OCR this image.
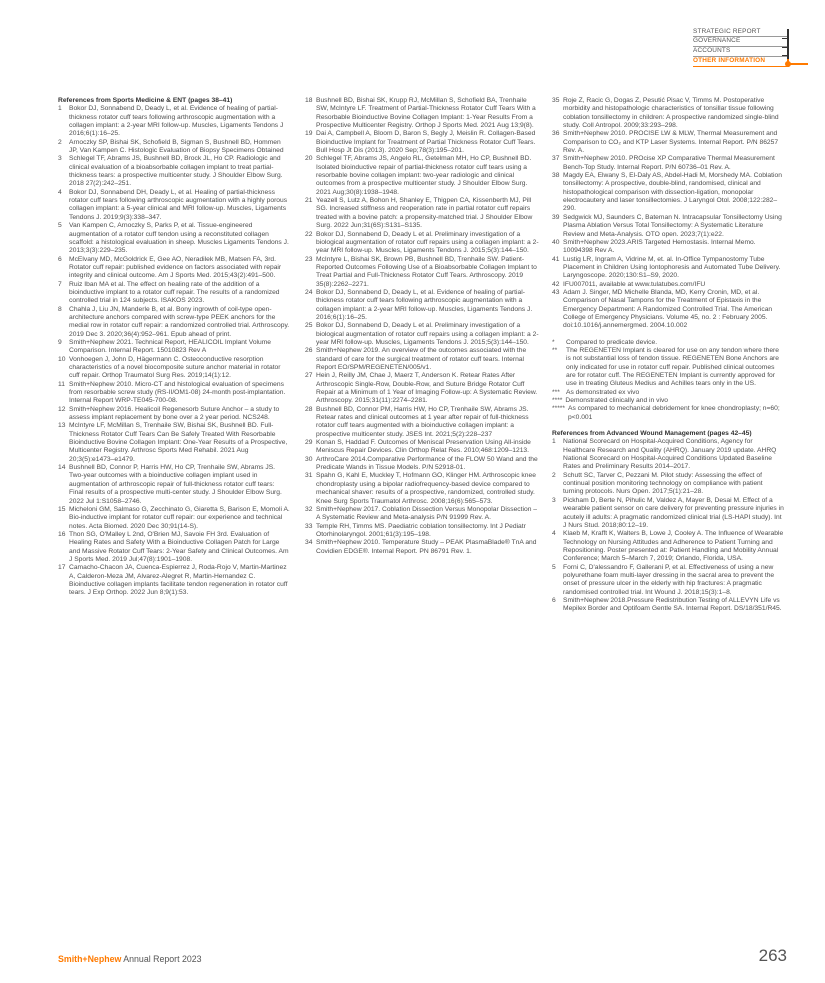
STRATEGIC REPORT
GOVERNANCE
ACCOUNTS
OTHER INFORMATION

References from Sports Medicine & ENT (pages 38–41)

1	Bokor DJ, Sonnabend D, Deady L, et al. Evidence of healing of partial-thickness rotator cuff tears following arthroscopic augmentation with a collagen implant: a 2-year MRI follow-up. Muscles, Ligaments Tendons J 2016;6(1):16–25.
2	Arnoczky SP, Bishai SK, Schofield B, Sigman S, Bushnell BD, Hommen JP, Van Kampen C. Histologic Evaluation of Biopsy Specimens Obtained
3	Schlegel TF, Abrams JS, Bushnell BD, Brock JL, Ho CP. Radiologic and clinical evaluation of a bioabsorbable collagen implant to treat partial-thickness tears: a prospective multicenter study. J Shoulder Elbow Surg. 2018 27(2):242–251.
4	Bokor DJ, Sonnabend DH, Deady L, et al. Healing of partial-thickness rotator cuff tears following arthroscopic augmentation with a highly porous collagen implant: a 5-year clinical and MRI follow-up. Muscles, Ligaments Tendons J. 2019;9(3):338–347.
5	Van Kampen C, Arnoczky S, Parks P, et al. Tissue-engineered augmentation of a rotator cuff tendon using a reconstituted collagen scaffold: a histological evaluation in sheep. Muscles Ligaments Tendons J. 2013;3(3):229–235.
6	McElvany MD, McGoldrick E, Gee AO, Neradilek MB, Matsen FA, 3rd. Rotator cuff repair: published evidence on factors associated with repair integrity and clinical outcome. Am J Sports Med. 2015;43(2):491–500.
7	Ruiz Iban MA et al. The effect on healing rate of the addition of a bioinductive implant to a rotator cuff repair. The results of a randomized controlled trial in 124 subjects. ISAKOS 2023.
8	Chahla J, Liu JN, Manderle B, et al. Bony ingrowth of coil-type open-architecture anchors compared with screw-type PEEK anchors for the medial row in rotator cuff repair: a randomized controlled trial. Arthroscopy. 2019 Dec 3. 2020;36(4):952–961. Epub ahead of print.
9	Smith+Nephew 2021. Technical Report, HEALICOIL Implant Volume Comparison. Internal Report. 15010823 Rev A
10 Vonhoegen J, John D, Hägermann C. Osteoconductive resorption characteristics of a novel biocomposite suture anchor material in rotator cuff repair. Orthop Traumatol Surg Res. 2019;14(1):12.
11 Smith+Nephew 2010. Micro-CT and histological evaluation of specimens from resorbable screw study (RS-II/OM1-08) 24-month post-implantation. Internal Report WRP-TE045-700-08.
12 Smith+Nephew 2016. Healicoil Regenesorb Suture Anchor – a study to assess implant replacement by bone over a 2 year period. NCS248.
13 McIntyre LF, McMillan S, Trenhaile SW, Bishai SK, Bushnell BD. Full-Thickness Rotator Cuff Tears Can Be Safely Treated With Resorbable Bioinductive Bovine Collagen Implant: One-Year Results of a Prospective, Multicenter Registry. Arthrosc Sports Med Rehabil. 2021 Aug 20;3(5):e1473–e1479.
14 Bushnell BD, Connor P, Harris HW, Ho CP, Trenhaile SW, Abrams JS. Two-year outcomes with a bioinductive collagen implant used in augmentation of arthroscopic repair of full-thickness rotator cuff tears: Final results of a prospective multi-center study. J Shoulder Elbow Surg. 2022 Jul 1:S1058–2746.
15 Micheloni GM, Salmaso G, Zecchinato G, Giaretta S, Barison E, Momoli A. Bio-inductive implant for rotator cuff repair: our experience and technical notes. Acta Biomed. 2020 Dec 30;91(14-S).
16 Thon SG, O'Malley L 2nd, O'Brien MJ, Savoie FH 3rd. Evaluation of Healing Rates and Safety With a Bioinductive Collagen Patch for Large and Massive Rotator Cuff Tears: 2-Year Safety and Clinical Outcomes. Am J Sports Med. 2019 Jul;47(8):1901–1908.
17 Camacho-Chacon JA, Cuenca-Espierrez J, Roda-Rojo V, Martin-Martinez A, Calderon-Meza JM, Alvarez-Alegret R, Martin-Hernandez C. Bioinductive collagen implants facilitate tendon regeneration in rotator cuff tears. J Exp Orthop. 2022 Jun 8;9(1):53.
18 Bushnell BD, Bishai SK, Krupp RJ, McMillan S, Schofield BA, Trenhaile SW, McIntyre LF. Treatment of Partial-Thickness Rotator Cuff Tears With a Resorbable Bioinductive Bovine Collagen Implant: 1-Year Results From a Prospective Multicenter Registry. Orthop J Sports Med. 2021 Aug 13;9(8).
19 Dai A, Campbell A, Bloom D, Baron S, Begly J, Meislin R. Collagen-Based Bioinductive Implant for Treatment of Partial Thickness Rotator Cuff Tears. Bull Hosp Jt Dis (2013). 2020 Sep;78(3):195–201.
20 Schlegel TF, Abrams JS, Angelo RL, Getelman MH, Ho CP, Bushnell BD. Isolated bioinductive repair of partial-thickness rotator cuff tears using a resorbable bovine collagen implant: two-year radiologic and clinical outcomes from a prospective multicenter study. J Shoulder Elbow Surg. 2021 Aug;30(8):1938–1948.
21 Yeazell S, Lutz A, Bohon H, Shanley E, Thigpen CA, Kissenberth MJ, Pill SG. Increased stiffness and reoperation rate in partial rotator cuff repairs treated with a bovine patch: a propensity-matched trial. J Shoulder Elbow Surg. 2022 Jun;31(6S):S131–S135.
22 Bokor DJ, Sonnabend D, Deady L et al. Preliminary investigation of a biological augmentation of rotator cuff repairs using a collagen implant: a 2-year MRI follow-up. Muscles, Ligaments Tendons J. 2015;5(3):144–150.
23 McIntyre L, Bishai SK, Brown PB, Bushnell BD, Trenhaile SW. Patient-Reported Outcomes Following Use of a Bioabsorbable Collagen Implant to Treat Partial and Full-Thickness Rotator Cuff Tears. Arthroscopy. 2019 35(8):2262–2271.
24 Bokor DJ, Sonnabend D, Deady L, et al. Evidence of healing of partial-thickness rotator cuff tears following arthroscopic augmentation with a collagen implant: a 2-year MRI follow-up. Muscles, Ligaments Tendons J. 2016;6(1):16–25.
25 Bokor DJ, Sonnabend D, Deady L et al. Preliminary investigation of a biological augmentation of rotator cuff repairs using a collagen implant: a 2-year MRI follow-up. Muscles, Ligaments Tendons J. 2015;5(3):144–150.
26 Smith+Nephew 2019. An overview of the outcomes associated with the standard of care for the surgical treatment of rotator cuff tears. Internal Report EO/SPM/REGENETEN/005/v1.
27 Hein J, Reilly JM, Chae J, Maerz T, Anderson K. Retear Rates After Arthroscopic Single-Row, Double-Row, and Suture Bridge Rotator Cuff Repair at a Minimum of 1 Year of Imaging Follow-up: A Systematic Review. Arthroscopy. 2015;31(11):2274–2281.
28 Bushnell BD, Connor PM, Harris HW, Ho CP, Trenhaile SW, Abrams JS. Retear rates and clinical outcomes at 1 year after repair of full-thickness rotator cuff tears augmented with a bioinductive collagen implant: a prospective multicenter study. JSES Int. 2021;5(2):228–237
29 Konan S, Haddad F. Outcomes of Meniscal Preservation Using All-inside Meniscus Repair Devices. Clin Orthop Relat Res. 2010;468:1209–1213.
30 ArthroCare 2014.Comparative Performance of the FLOW 50 Wand and the Predicate Wands in Tissue Models. P/N 52918-01.
31 Spahn G, Kahl E, Muckley T, Hofmann GO, Klinger HM. Arthroscopic knee chondroplasty using a bipolar radiofrequency-based device compared to mechanical shaver: results of a prospective, randomized, controlled study. Knee Surg Sports Traumatol Arthrosc. 2008;16(6):565–573.
32 Smith+Nephew 2017. Coblation Dissection Versus Monopolar Dissection – A Systematic Review and Meta-analysis P/N 91999 Rev. A.
33 Temple RH, Timms MS. Paediatric coblation tonsillectomy. Int J Pediatr Otorhinolaryngol. 2001;61(3):195–198.
34 Smith+Nephew 2010. Temperature Study – PEAK PlasmaBlade® TnA and Covidien EDGE®. Internal Report. PN 86791 Rev. 1.
35 Roje Z, Racic G, Dogas Z, Pesutić Pisac V, Timms M. Postoperative morbidity and histopathologic characteristics of tonsillar tissue following coblation tonsillectomy in children: A prospective randomized single-blind study. Coll Antropol. 2009;33:293–298.
36 Smith+Nephew 2010. PROCISE LW & MLW, Thermal Measurement and Comparison to CO₂ and KTP Laser Systems. Internal Report. P/N 86257 Rev. A.
37 Smith+Nephew 2010. PROcise XP Comparative Thermal Measurement Bench-Top Study. Internal Report. P/N 60736–01 Rev. A.
38 Magdy EA, Elwany S, El-Daly AS, Abdel-Hadi M, Morshedy MA. Coblation tonsillectomy: A prospective, double-blind, randomised, clinical and histopathological comparison with dissection-ligation, monopolar electrocautery and laser tonsillectomies. J Laryngol Otol. 2008;122:282–290.
39 Sedgwick MJ, Saunders C, Bateman N. Intracapsular Tonsillectomy Using Plasma Ablation Versus Total Tonsillectomy: A Systematic Literature Review and Meta-Analysis. OTO open. 2023;7(1):e22.
40 Smith+Nephew 2023.ARIS Targeted Hemostasis. Internal Memo. 10094398 Rev A.
41 Lustig LR, Ingram A, Vidrine M, et. al. In-Office Tympanostomy Tube Placement in Children Using Iontophoresis and Automated Tube Delivery. Laryngoscope. 2020;130:S1–S9, 2020.
42 IFU007011, available at www.tulatubes.com/IFU
43 Adam J. Singer, MD Michelle Blanda, MD, Kerry Cronin, MD, et al. Comparison of Nasal Tampons for the Treatment of Epistaxis in the Emergency Department: A Randomized Controlled Trial. The American College of Emergency Physicians. Volume 45, no. 2 : February 2005. doi:10.1016/j.annemergmed. 2004.10.002
*	Compared to predicate device.
**	The REGENETEN Implant is cleared for use on any tendon where there is not substantial loss of tendon tissue. REGENETEN Bone Anchors are only indicated for use in rotator cuff repair. Published clinical outcomes are for rotator cuff. The REGENETEN Implant is currently approved for use in treating Gluteus Medius and Achilles tears only in the US.
*** As demonstrated ex vivo
**** Demonstrated clinically and in vivo
***** As compared to mechanical debridement for knee chondroplasty; n=60; p<0.001

References from Advanced Wound Management (pages 42–45)

1	National Scorecard on Hospital-Acquired Conditions, Agency for Healthcare Research and Quality (AHRQ). January 2019 update. AHRQ National Scorecard on Hospital-Acquired Conditions Updated Baseline Rates and Preliminary Results 2014–2017.
2	Schutt SC, Tarver C, Pezzani M. Pilot study: Assessing the effect of continual position monitoring technology on compliance with patient turning protocols. Nurs Open. 2017;5(1):21–28.
3	Pickham D, Berte N, Pihulic M, Valdez A, Mayer B, Desai M. Effect of a wearable patient sensor on care delivery for preventing pressure injuries in acutely ill adults: A pragmatic randomized clinical trial (LS-HAPI study). Int J Nurs Stud. 2018;80:12–19.
4	Klaeb M, Krafft K, Walters B, Lowe J, Cooley A. The Influence of Wearable Technology on Nursing Attitudes and Adherence to Patient Turning and Repositioning. Poster presented at: Patient Handling and Mobility Annual Conference; March 5–March 7, 2019; Orlando, Florida, USA.
5	Forni C, D'alessandro F, Gallerani P, et al. Effectiveness of using a new polyurethane foam multi-layer dressing in the sacral area to prevent the onset of pressure ulcer in the elderly with hip fractures: A pragmatic randomised controlled trial. Int Wound J. 2018;15(3):1–8.
6	Smith+Nephew 2018.Pressure Redistribution Testing of ALLEVYN Life vs Mepilex Border and Optifoam Gentle SA. Internal Report. DS/18/351/R45.
Smith+Nephew Annual Report 2023	263
